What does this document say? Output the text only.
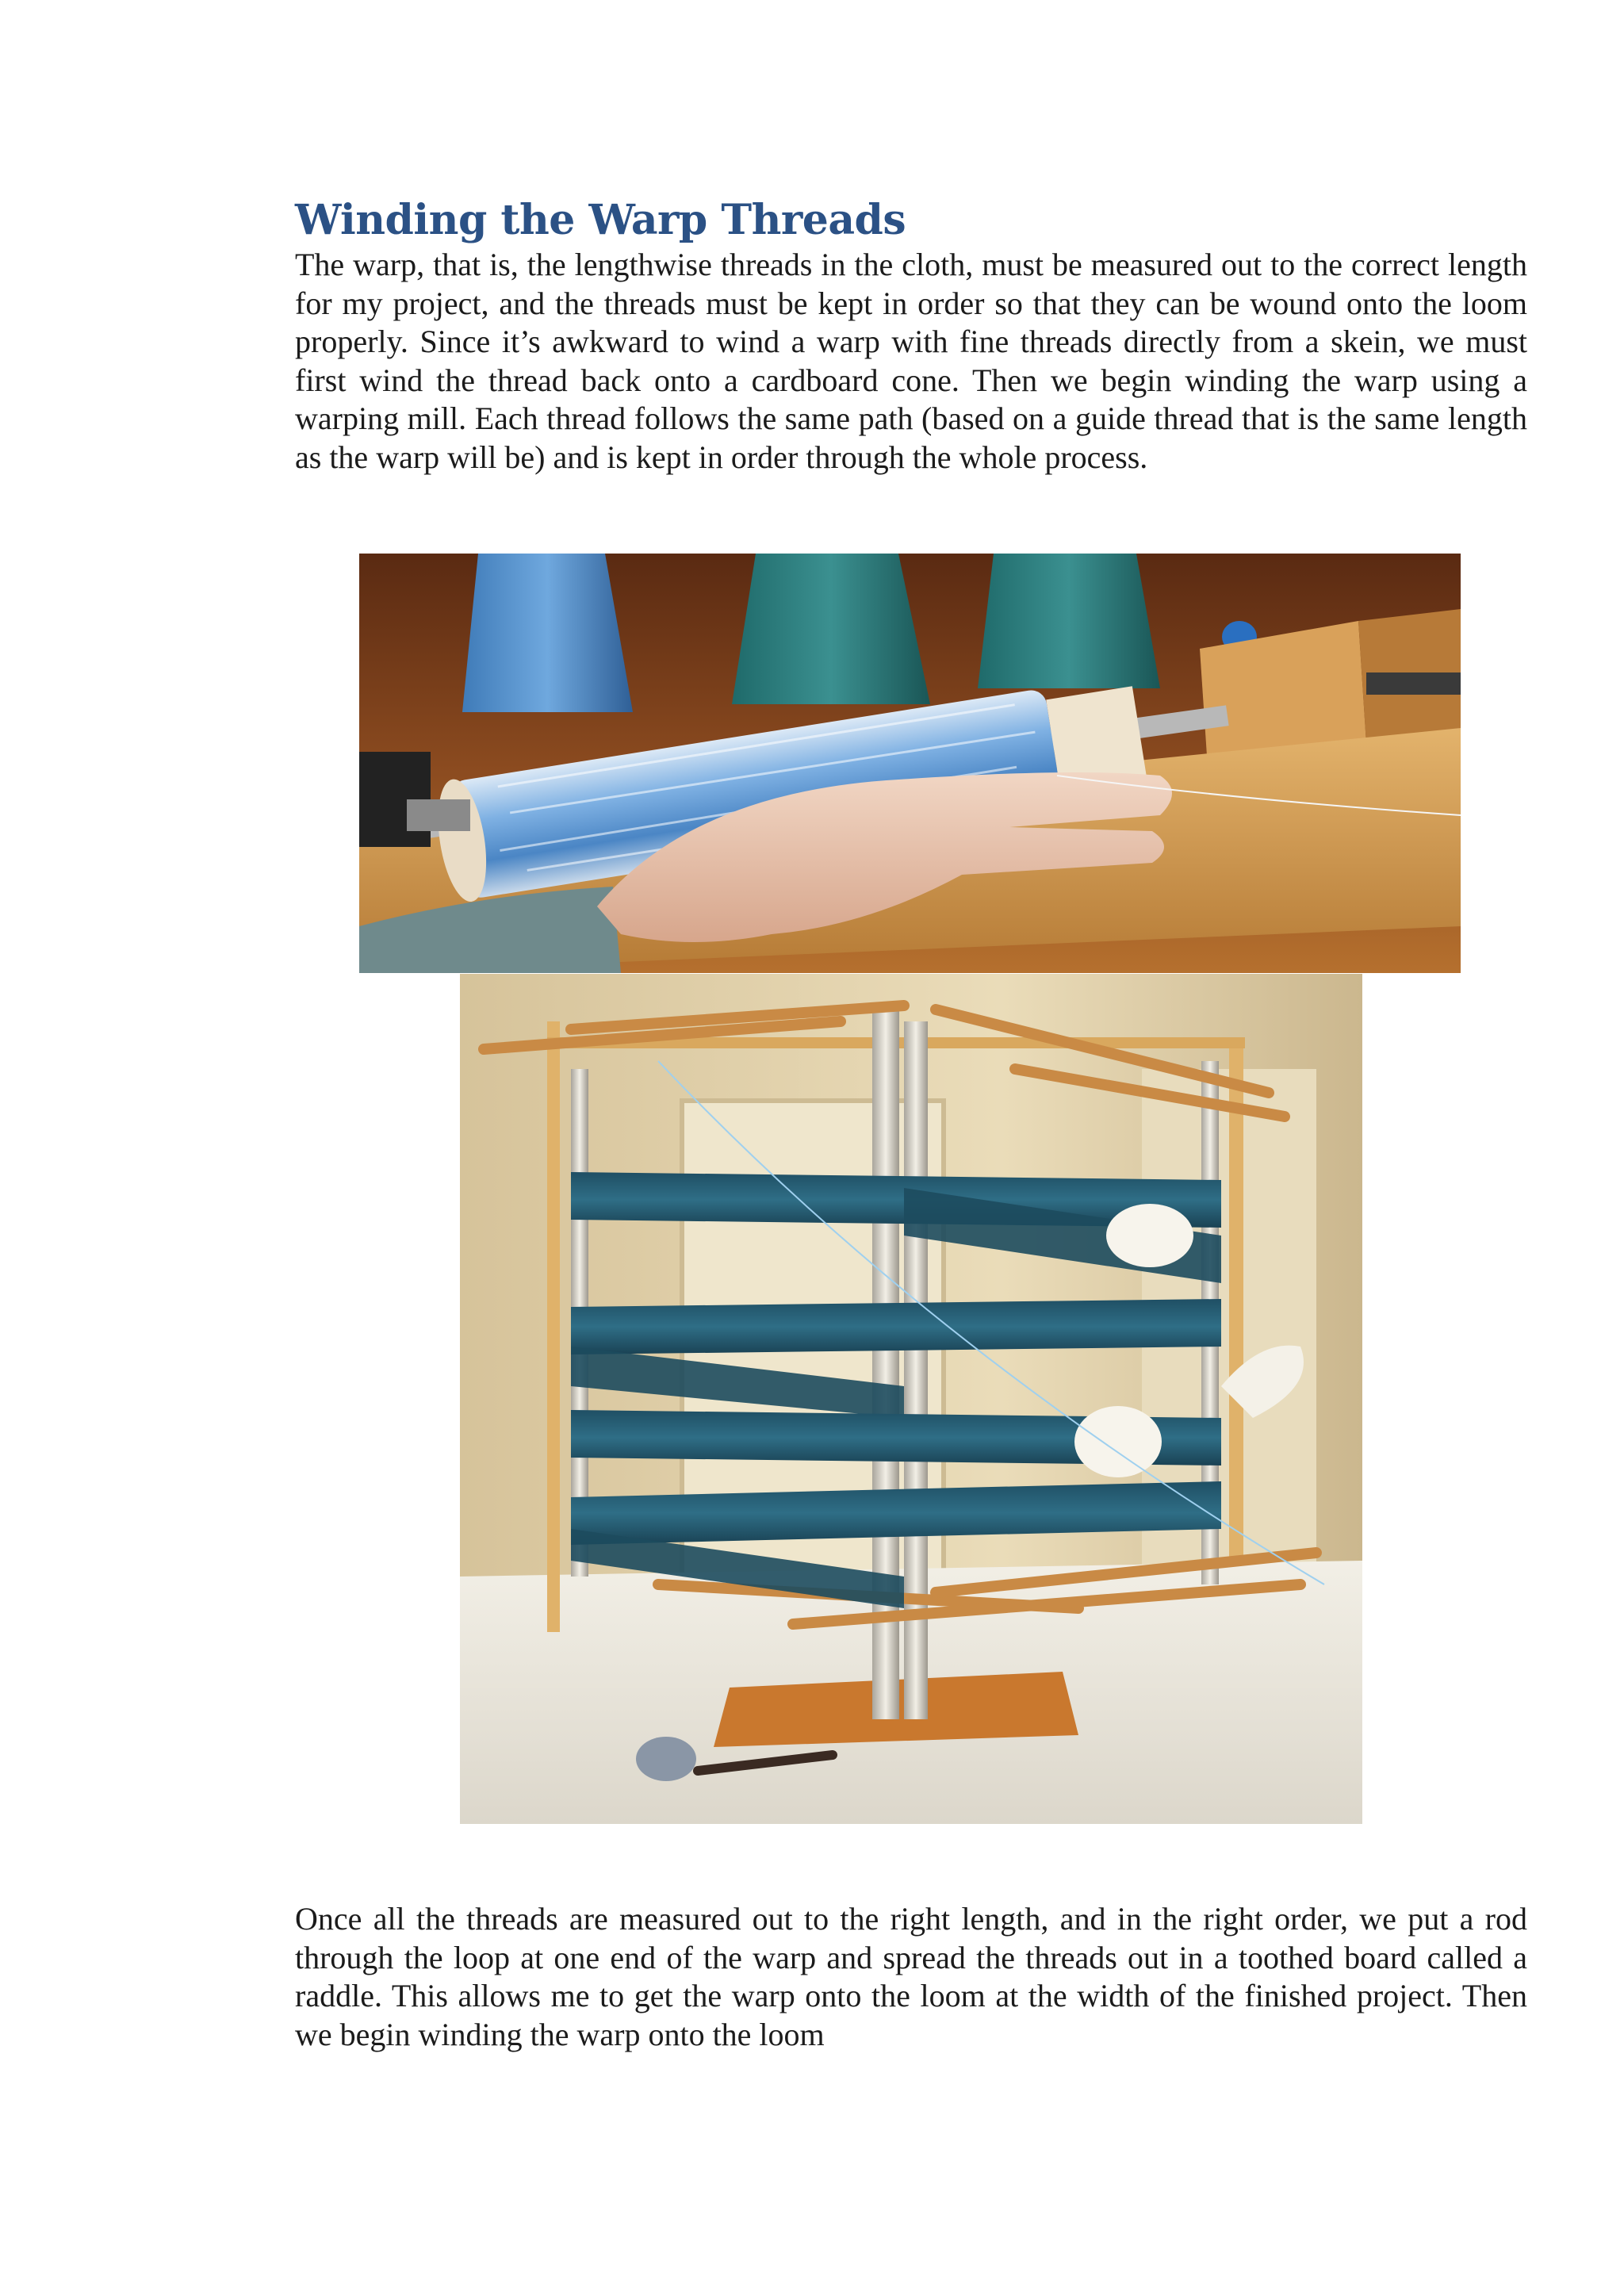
Winding the Warp Threads

The warp, that is, the lengthwise threads in the cloth, must be measured out to the correct length for my project, and the threads must be kept in order so that they can be wound onto the loom properly. Since it’s awkward to wind a warp with fine threads directly from a skein, we must first wind the thread back onto a cardboard cone. Then we begin winding the warp using a warping mill. Each thread follows the same path (based on a guide thread that is the same length as the warp will be) and is kept in order through the whole process.

Once all the threads are measured out to the right length, and in the right order, we put a rod through the loop at one end of the warp and spread the threads out in a toothed board called a raddle. This allows me to get the warp onto the loom at the width of the finished project. Then we begin winding the warp onto the loom
